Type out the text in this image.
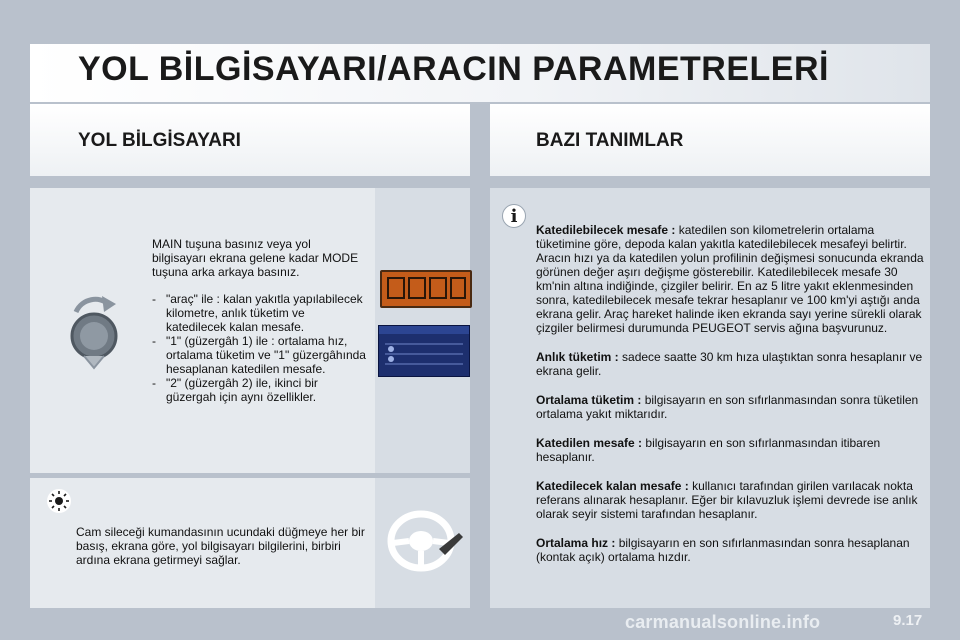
YOL BİLGİSAYARI/ARACIN PARAMETRELERİ
YOL BİLGİSAYARI	BAZI TANIMLAR

MAIN tuşuna basınız veya yol bilgisayarı ekrana gelene kadar MODE tuşuna arka arkaya basınız.

- "araç" ile : kalan yakıtla yapılabilecek kilometre, anlık tüketim ve katedilecek kalan mesafe.
- "1" (güzergâh 1) ile : ortalama hız, ortalama tüketim ve "1" güzergâhında hesaplanan katedilen mesafe.
- "2" (güzergâh 2) ile, ikinci bir güzergah için aynı özellikler.
Cam sileceği kumandasının ucundaki düğmeye her bir basış, ekrana göre, yol bilgisayarı bilgilerini, birbiri ardına ekrana getirmeyi sağlar.
i
Katedilebilecek mesafe : katedilen son kilometrelerin ortalama tüketimine göre, depoda kalan yakıtla katedilebilecek mesafeyi belirtir. Aracın hızı ya da katedilen yolun profilinin değişmesi sonucunda ekranda görünen değer aşırı değişme gösterebilir. Katedilebilecek mesafe 30 km'nin altına indiğinde, çizgiler belirir. En az 5 litre yakıt eklenmesinden sonra, katedilebilecek mesafe tekrar hesaplanır ve 100 km'yi aştığı anda ekrana gelir. Araç hareket halinde iken ekranda sayı yerine sürekli olarak çizgiler belirmesi durumunda PEUGEOT servis ağına başvurunuz.
Anlık tüketim : sadece saatte 30 km hıza ulaştıktan sonra hesaplanır ve ekrana gelir.
Ortalama tüketim : bilgisayarın en son sıfırlanmasından sonra tüketilen ortalama yakıt miktarıdır.
Katedilen mesafe : bilgisayarın en son sıfırlanmasından itibaren hesaplanır.
Katedilecek kalan mesafe : kullanıcı tarafından girilen varılacak nokta referans alınarak hesaplanır. Eğer bir kılavuzluk işlemi devrede ise anlık olarak seyir sistemi tarafından hesaplanır.
Ortalama hız : bilgisayarın en son sıfırlanmasından sonra hesaplanan (kontak açık) ortalama hızdır.
carmanualsonline.info	9.17
